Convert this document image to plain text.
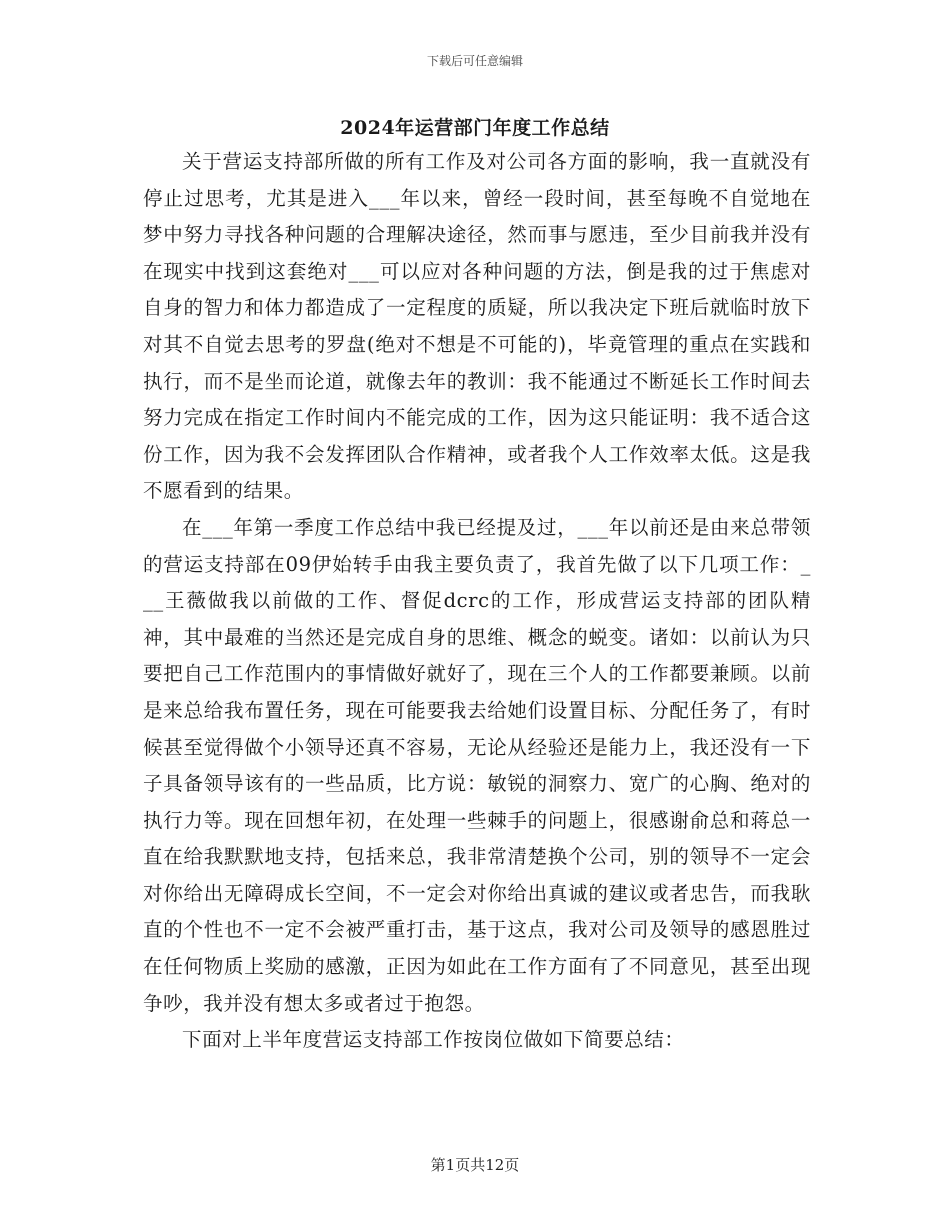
下载后可任意编辑
2024年运营部门年度工作总结

关于营运支持部所做的所有工作及对公司各方面的影响，我一直就没有停止过思考，尤其是进入___年以来，曾经一段时间，甚至每晚不自觉地在梦中努力寻找各种问题的合理解决途径，然而事与愿违，至少目前我并没有在现实中找到这套绝对___可以应对各种问题的方法，倒是我的过于焦虑对自身的智力和体力都造成了一定程度的质疑，所以我决定下班后就临时放下对其不自觉去思考的罗盘(绝对不想是不可能的)，毕竟管理的重点在实践和执行，而不是坐而论道，就像去年的教训：我不能通过不断延长工作时间去努力完成在指定工作时间内不能完成的工作，因为这只能证明：我不适合这份工作，因为我不会发挥团队合作精神，或者我个人工作效率太低。这是我不愿看到的结果。

在___年第一季度工作总结中我已经提及过，___年以前还是由来总带领的营运支持部在09伊始转手由我主要负责了，我首先做了以下几项工作：___王薇做我以前做的工作、督促dcrc的工作，形成营运支持部的团队精神，其中最难的当然还是完成自身的思维、概念的蜕变。诸如：以前认为只要把自己工作范围内的事情做好就好了，现在三个人的工作都要兼顾。以前是来总给我布置任务，现在可能要我去给她们设置目标、分配任务了，有时候甚至觉得做个小领导还真不容易，无论从经验还是能力上，我还没有一下子具备领导该有的一些品质，比方说：敏锐的洞察力、宽广的心胸、绝对的执行力等。现在回想年初，在处理一些棘手的问题上，很感谢俞总和蒋总一直在给我默默地支持，包括来总，我非常清楚换个公司，别的领导不一定会对你给出无障碍成长空间，不一定会对你给出真诚的建议或者忠告，而我耿直的个性也不一定不会被严重打击，基于这点，我对公司及领导的感恩胜过在任何物质上奖励的感激，正因为如此在工作方面有了不同意见，甚至出现争吵，我并没有想太多或者过于抱怨。

下面对上半年度营运支持部工作按岗位做如下简要总结：

第1页共12页
